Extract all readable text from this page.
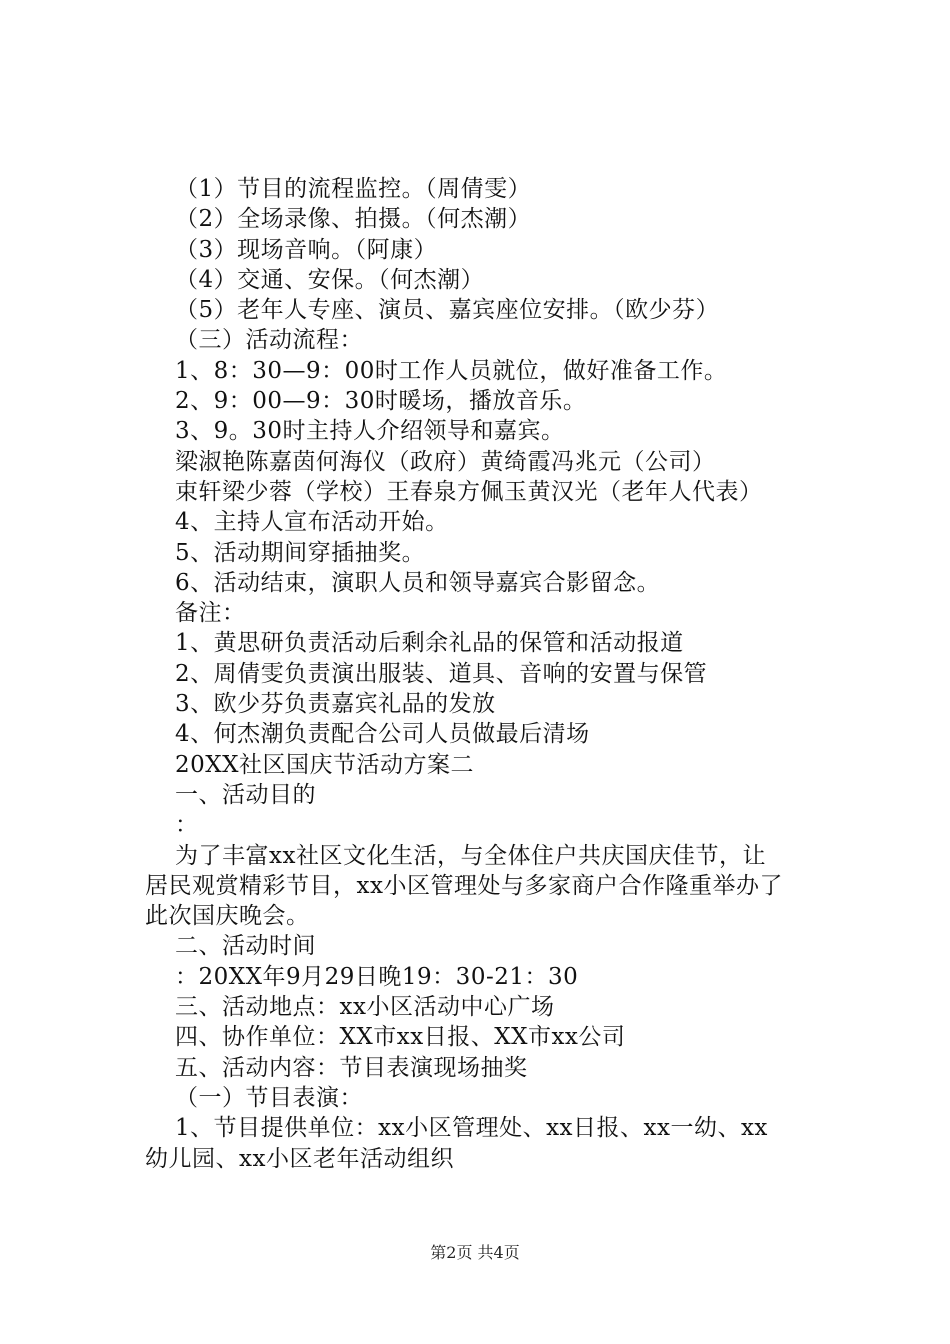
（1）节目的流程监控。（周倩雯）
（2）全场录像、拍摄。（何杰潮）
（3）现场音响。（阿康）
（4）交通、安保。（何杰潮）
（5）老年人专座、演员、嘉宾座位安排。（欧少芬）
（三）活动流程：
1、8：30—9：00时工作人员就位，做好准备工作。
2、9：00—9：30时暖场，播放音乐。
3、9。30时主持人介绍领导和嘉宾。
梁淑艳陈嘉茵何海仪（政府）黄绮霞冯兆元（公司）
束轩梁少蓉（学校）王春泉方佩玉黄汉光（老年人代表）
4、主持人宣布活动开始。
5、活动期间穿插抽奖。
6、活动结束，演职人员和领导嘉宾合影留念。
备注：
1、黄思研负责活动后剩余礼品的保管和活动报道
2、周倩雯负责演出服装、道具、音响的安置与保管
3、欧少芬负责嘉宾礼品的发放
4、何杰潮负责配合公司人员做最后清场
20XX社区国庆节活动方案二
一、活动目的
：
为了丰富xx社区文化生活，与全体住户共庆国庆佳节，让
居民观赏精彩节目，xx小区管理处与多家商户合作隆重举办了
此次国庆晚会。
二、活动时间
：20XX年9月29日晚19：30-21：30
三、活动地点：xx小区活动中心广场
四、协作单位：XX市xx日报、XX市xx公司
五、活动内容：节目表演现场抽奖
（一）节目表演：
1、节目提供单位：xx小区管理处、xx日报、xx一幼、xx
幼儿园、xx小区老年活动组织
第2页 共4页
